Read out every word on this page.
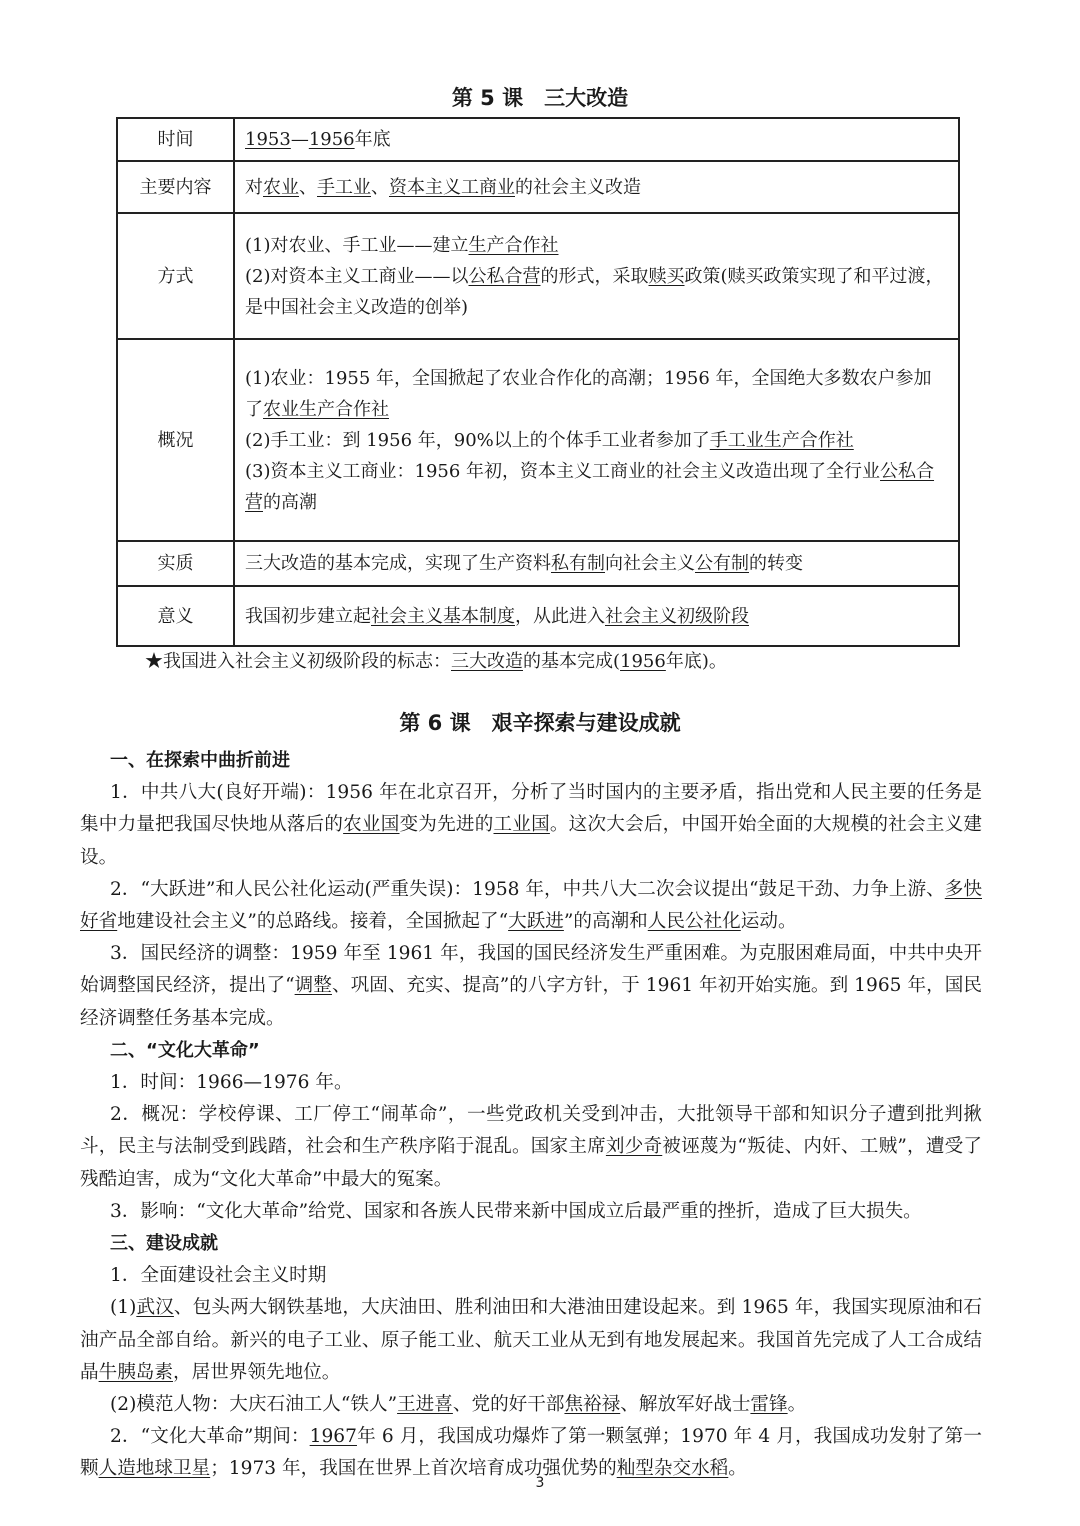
第 5 课　三大改造
时间	1953—1956年底

主要内容	对农业、手工业、资本主义工商业的社会主义改造

方式	(1)对农业、手工业——建立生产合作社
(2)对资本主义工商业——以公私合营的形式，采取赎买政策(赎买政策实现了和平过渡，是中国社会主义改造的创举)

概况	(1)农业：1955 年，全国掀起了农业合作化的高潮；1956 年，全国绝大多数农户参加了农业生产合作社
(2)手工业：到 1956 年，90%以上的个体手工业者参加了手工业生产合作社
(3)资本主义工商业：1956 年初，资本主义工商业的社会主义改造出现了全行业公私合营的高潮

实质	三大改造的基本完成，实现了生产资料私有制向社会主义公有制的转变

意义	我国初步建立起社会主义基本制度，从此进入社会主义初级阶段
★我国进入社会主义初级阶段的标志：三大改造的基本完成(1956年底)。
第 6 课　艰辛探索与建设成就

一、在探索中曲折前进

1．中共八大(良好开端)：1956 年在北京召开，分析了当时国内的主要矛盾，指出党和人民主要的任务是集中力量把我国尽快地从落后的农业国变为先进的工业国。这次大会后，中国开始全面的大规模的社会主义建设。

2．“大跃进”和人民公社化运动(严重失误)：1958 年，中共八大二次会议提出“鼓足干劲、力争上游、多快好省地建设社会主义”的总路线。接着，全国掀起了“大跃进”的高潮和人民公社化运动。

3．国民经济的调整：1959 年至 1961 年，我国的国民经济发生严重困难。为克服困难局面，中共中央开始调整国民经济，提出了“调整、巩固、充实、提高”的八字方针，于 1961 年初开始实施。到 1965 年，国民经济调整任务基本完成。

二、“文化大革命”

1．时间：1966—1976 年。

2．概况：学校停课、工厂停工“闹革命”，一些党政机关受到冲击，大批领导干部和知识分子遭到批判揪斗，民主与法制受到践踏，社会和生产秩序陷于混乱。国家主席刘少奇被诬蔑为“叛徒、内奸、工贼”，遭受了残酷迫害，成为“文化大革命”中最大的冤案。

3．影响：“文化大革命”给党、国家和各族人民带来新中国成立后最严重的挫折，造成了巨大损失。

三、建设成就

1．全面建设社会主义时期

(1)武汉、包头两大钢铁基地，大庆油田、胜利油田和大港油田建设起来。到 1965 年，我国实现原油和石油产品全部自给。新兴的电子工业、原子能工业、航天工业从无到有地发展起来。我国首先完成了人工合成结晶牛胰岛素，居世界领先地位。

(2)模范人物：大庆石油工人“铁人”王进喜、党的好干部焦裕禄、解放军好战士雷锋。

2．“文化大革命”期间：1967年 6 月，我国成功爆炸了第一颗氢弹；1970 年 4 月，我国成功发射了第一颗人造地球卫星；1973 年，我国在世界上首次培育成功强优势的籼型杂交水稻。

3
